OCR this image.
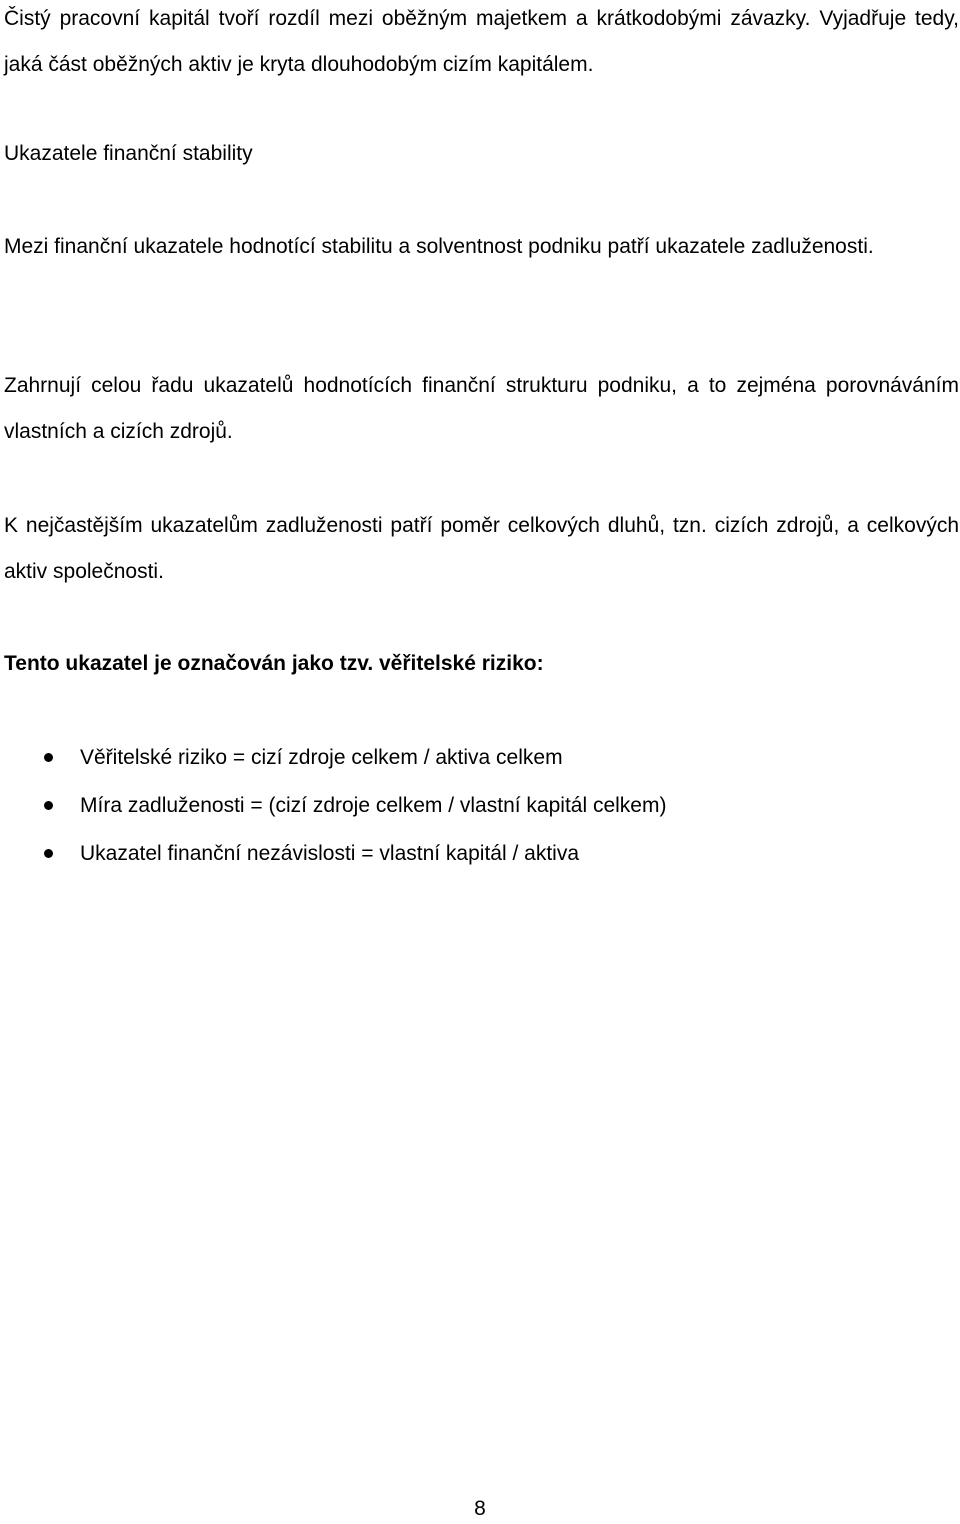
Čistý pracovní kapitál tvoří rozdíl mezi oběžným majetkem a krátkodobými závazky. Vyjadřuje tedy, jaká část oběžných aktiv je kryta dlouhodobým cizím kapitálem.

Ukazatele finanční stability

Mezi finanční ukazatele hodnotící stabilitu a solventnost podniku patří ukazatele zadluženosti.

Zahrnují celou řadu ukazatelů hodnotících finanční strukturu podniku, a to zejména porovnáváním vlastních a cizích zdrojů.

K nejčastějším ukazatelům zadluženosti patří poměr celkových dluhů, tzn. cizích zdrojů, a celkových aktiv společnosti.

Tento ukazatel je označován jako tzv. věřitelské riziko:

Věřitelské riziko = cizí zdroje celkem / aktiva celkem
Míra zadluženosti = (cizí zdroje celkem / vlastní kapitál celkem)
Ukazatel finanční nezávislosti = vlastní kapitál / aktiva
8
